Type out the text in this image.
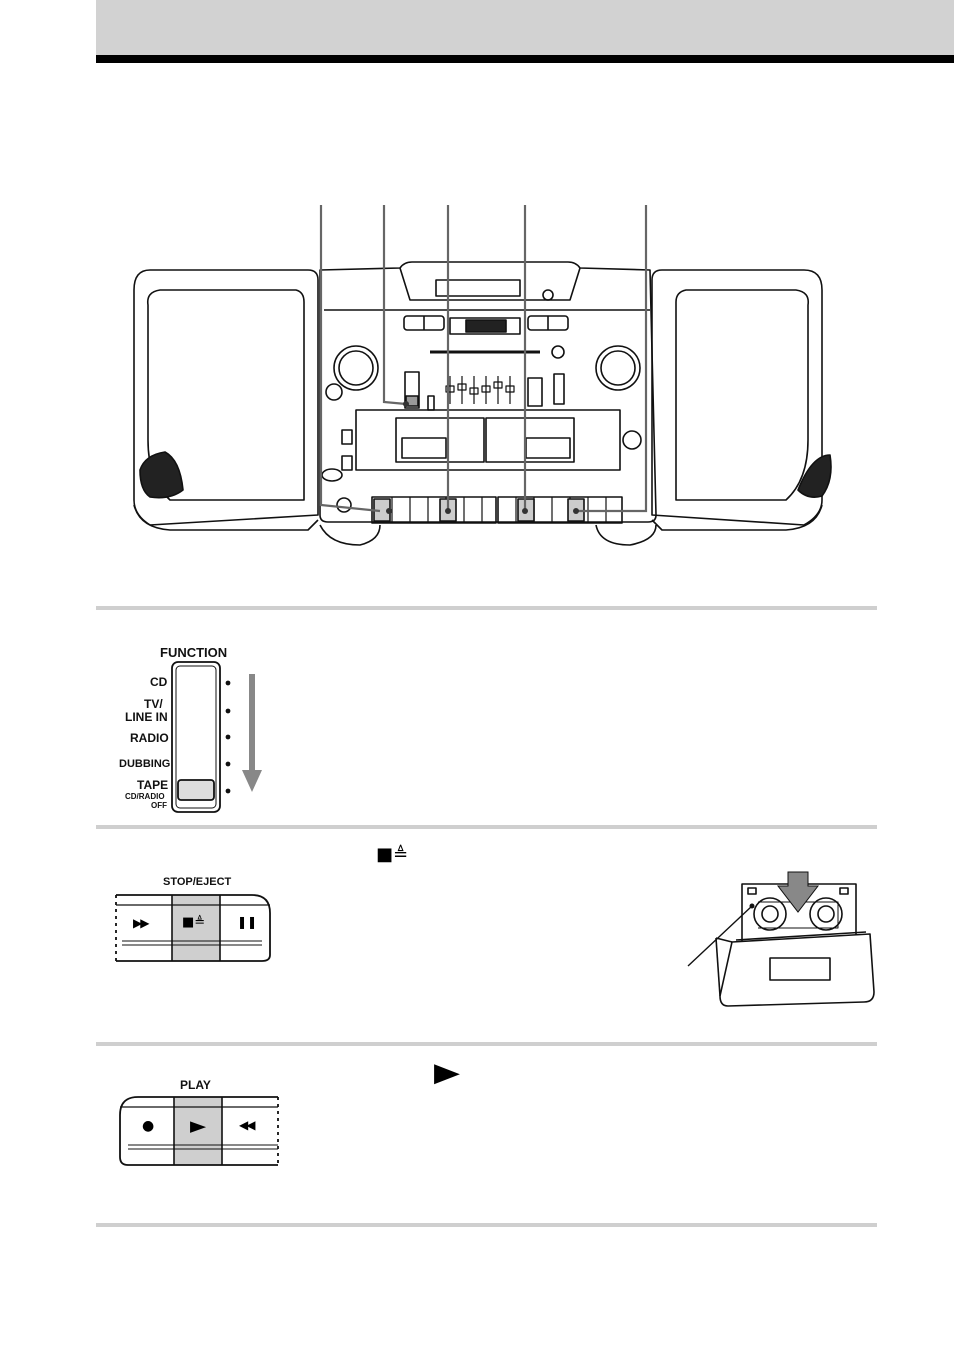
FUNCTION
CD
TV/
LINE IN
RADIO
DUBBING
TAPE
CD/RADIO
OFF
■≜
STOP/EJECT
▶▶	■≜	❚❚
▶
PLAY
● ▶	◀◀
